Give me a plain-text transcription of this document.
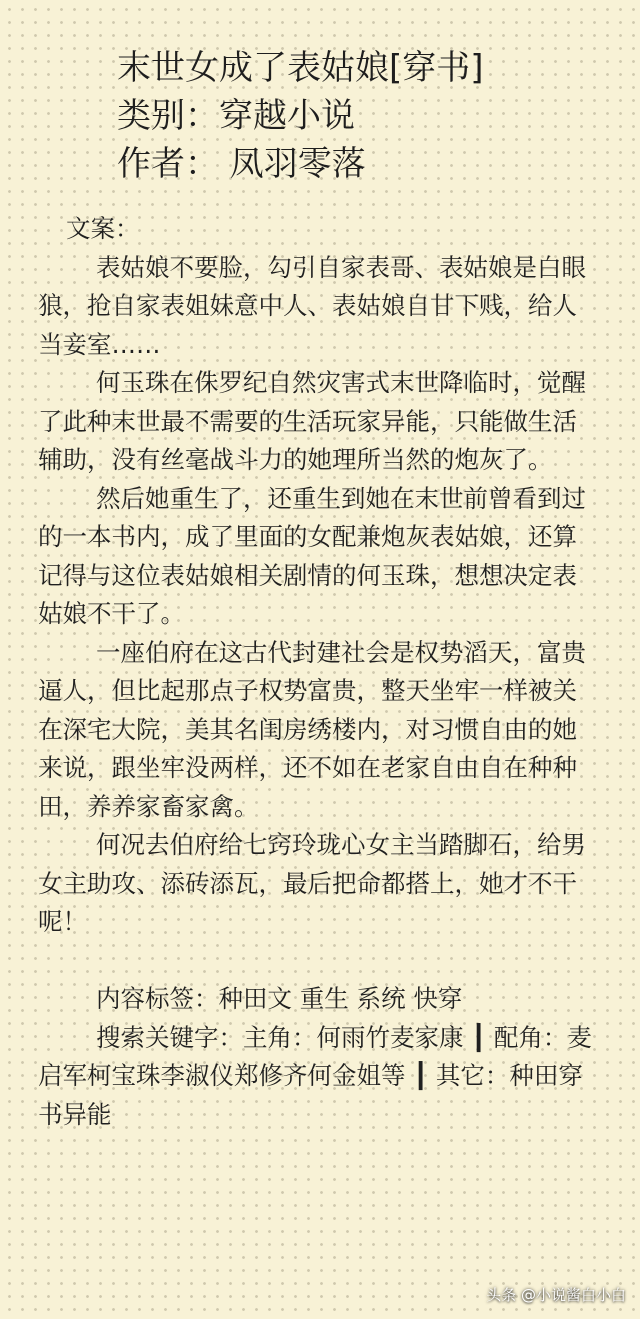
末世女成了表姑娘[穿书]
类别：穿越小说
作者： 凤羽零落
文案：

表姑娘不要脸，勾引自家表哥、表姑娘是白眼狼，抢自家表姐妹意中人、表姑娘自甘下贱，给人当妾室……

何玉珠在侏罗纪自然灾害式末世降临时，觉醒了此种末世最不需要的生活玩家异能，只能做生活辅助，没有丝毫战斗力的她理所当然的炮灰了。

然后她重生了，还重生到她在末世前曾看到过的一本书内，成了里面的女配兼炮灰表姑娘，还算记得与这位表姑娘相关剧情的何玉珠，想想决定表姑娘不干了。

一座伯府在这古代封建社会是权势滔天，富贵逼人，但比起那点子权势富贵，整天坐牢一样被关在深宅大院，美其名闺房绣楼内，对习惯自由的她来说，跟坐牢没两样，还不如在老家自由自在种种田，养养家畜家禽。

何况去伯府给七窍玲珑心女主当踏脚石，给男女主助攻、添砖添瓦，最后把命都搭上，她才不干呢！

内容标签：种田文 重生 系统 快穿

搜索关键字：主角：何雨竹麦家康 ┃ 配角：麦启军柯宝珠李淑仪郑修齐何金姐等 ┃ 其它：种田穿书异能

头条 @小说酱白小白
